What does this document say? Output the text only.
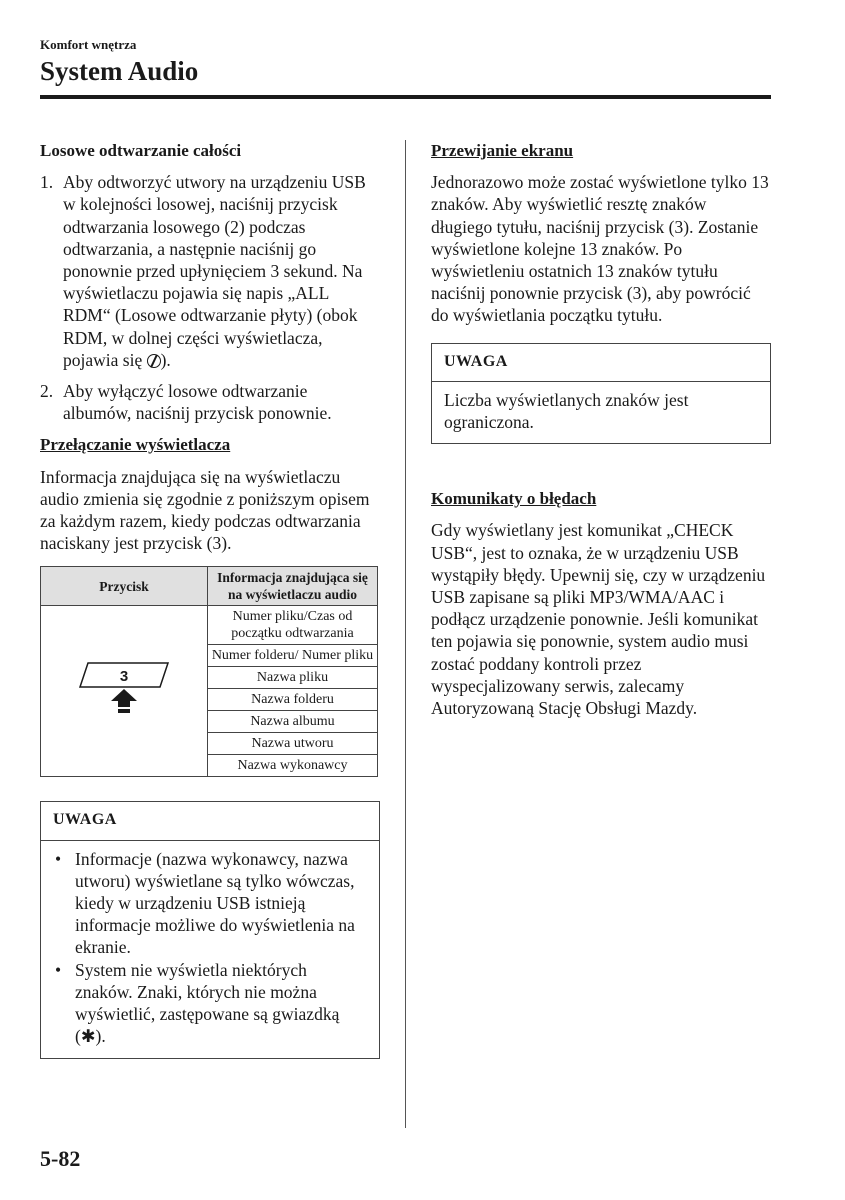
Komfort wnętrza
System Audio
Losowe odtwarzanie całości
1. Aby odtworzyć utwory na urządzeniu USB w kolejności losowej, naciśnij przycisk odtwarzania losowego (2) podczas odtwarzania, a następnie naciśnij go ponownie przed upłynięciem 3 sekund. Na wyświetlaczu pojawia się napis „ALL RDM“ (Losowe odtwarzanie płyty) (obok RDM, w dolnej części wyświetlacza, pojawia się ).
2. Aby wyłączyć losowe odtwarzanie albumów, naciśnij przycisk ponownie.
Przełączanie wyświetlacza
Informacja znajdująca się na wyświetlaczu audio zmienia się zgodnie z poniższym opisem za każdym razem, kiedy podczas odtwarzania naciskany jest przycisk (3).
Przycisk	Informacja znajdująca się na wyświetlaczu audio

3	Numer pliku/Czas od początku odtwarzania
	Numer folderu/ Numer pliku
	Nazwa pliku
	Nazwa folderu
	Nazwa albumu
	Nazwa utworu
	Nazwa wykonawcy
UWAGA
• Informacje (nazwa wykonawcy, nazwa utworu) wyświetlane są tylko wówczas, kiedy w urządzeniu USB istnieją informacje możliwe do wyświetlenia na ekranie.
• System nie wyświetla niektórych znaków. Znaki, których nie można wyświetlić, zastępowane są gwiazdką (✱).
Przewijanie ekranu
Jednorazowo może zostać wyświetlone tylko 13 znaków. Aby wyświetlić resztę znaków długiego tytułu, naciśnij przycisk (3). Zostanie wyświetlone kolejne 13 znaków. Po wyświetleniu ostatnich 13 znaków tytułu naciśnij ponownie przycisk (3), aby powrócić do wyświetlania początku tytułu.
UWAGA
Liczba wyświetlanych znaków jest ograniczona.
Komunikaty o błędach
Gdy wyświetlany jest komunikat „CHECK USB“, jest to oznaka, że w urządzeniu USB wystąpiły błędy. Upewnij się, czy w urządzeniu USB zapisane są pliki MP3/WMA/AAC i podłącz urządzenie ponownie. Jeśli komunikat ten pojawia się ponownie, system audio musi zostać poddany kontroli przez wyspecjalizowany serwis, zalecamy Autoryzowaną Stację Obsługi Mazdy.
5-82
